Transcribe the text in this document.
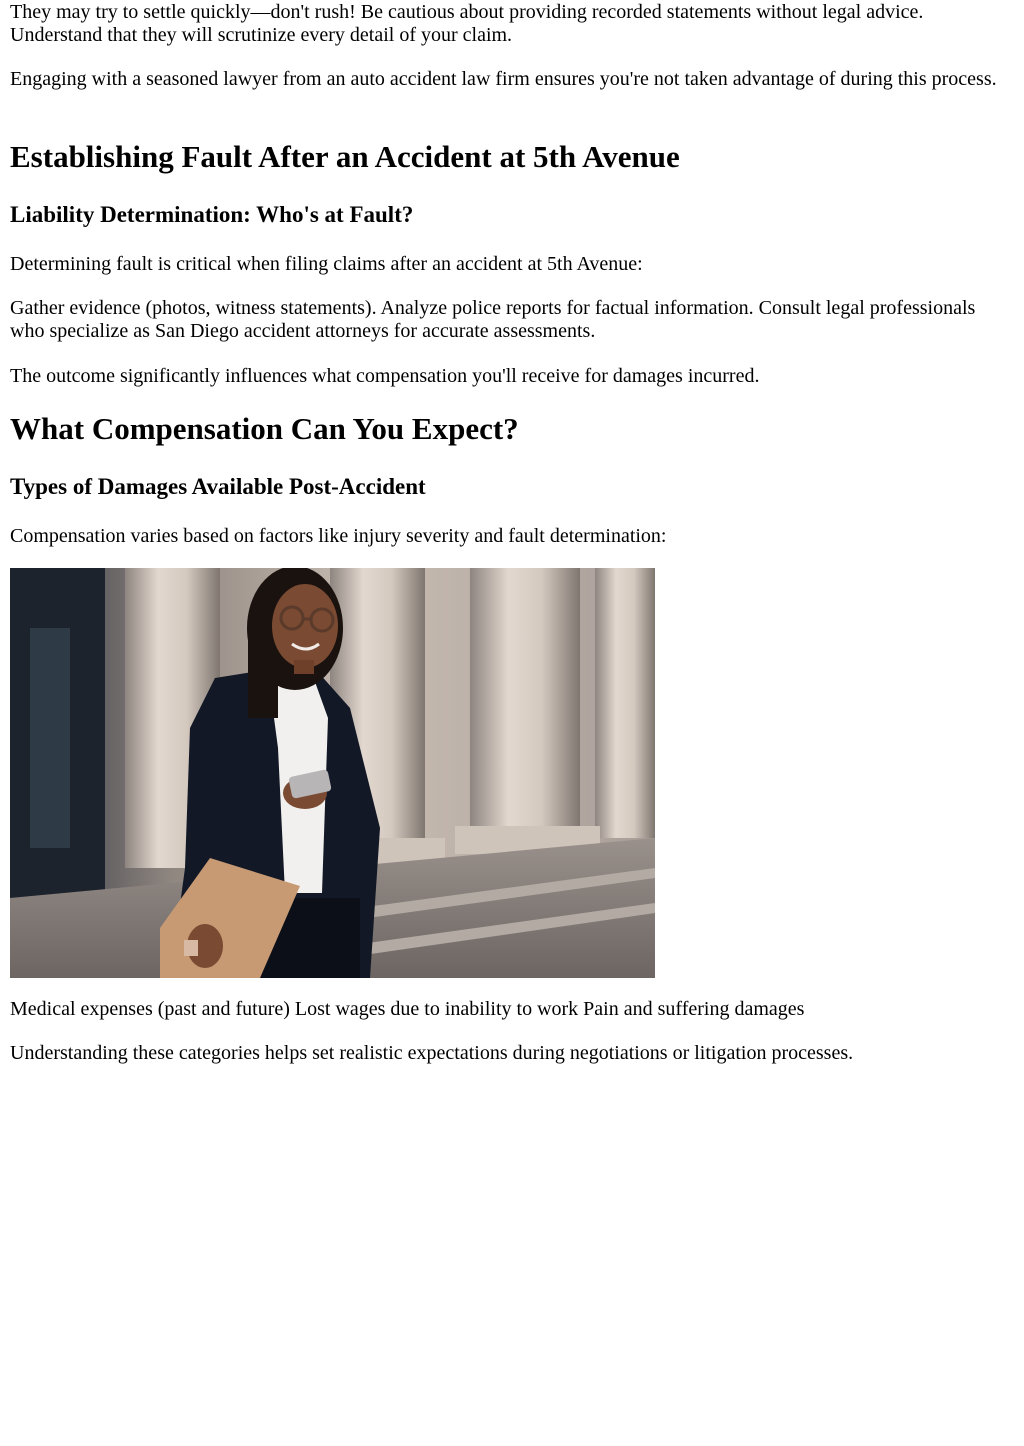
They may try to settle quickly—don't rush! Be cautious about providing recorded statements without legal advice. Understand that they will scrutinize every detail of your claim.

Engaging with a seasoned lawyer from an auto accident law firm ensures you're not taken advantage of during this process.

Establishing Fault After an Accident at 5th Avenue
Liability Determination: Who's at Fault?

Determining fault is critical when filing claims after an accident at 5th Avenue:

Gather evidence (photos, witness statements). Analyze police reports for factual information. Consult legal professionals who specialize as San Diego accident attorneys for accurate assessments.

The outcome significantly influences what compensation you'll receive for damages incurred.

What Compensation Can You Expect?
Types of Damages Available Post-Accident

Compensation varies based on factors like injury severity and fault determination:

Medical expenses (past and future) Lost wages due to inability to work Pain and suffering damages

Understanding these categories helps set realistic expectations during negotiations or litigation processes.
